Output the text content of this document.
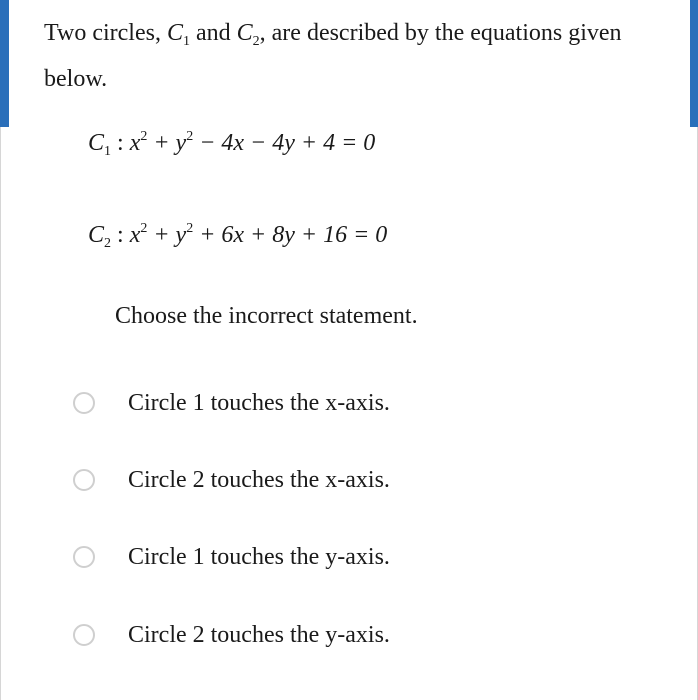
Two circles, $C_1$ and $C_2$, are described by the equations given below.
$C_1$ : $x^2 + y^2 - 4x - 4y + 4 = 0$
$C_2$ : $x^2 + y^2 + 6x + 8y + 16 = 0$
Choose the incorrect statement.
Circle 1 touches the x-axis.
Circle 2 touches the x-axis.
Circle 1 touches the y-axis.
Circle 2 touches the y-axis.
